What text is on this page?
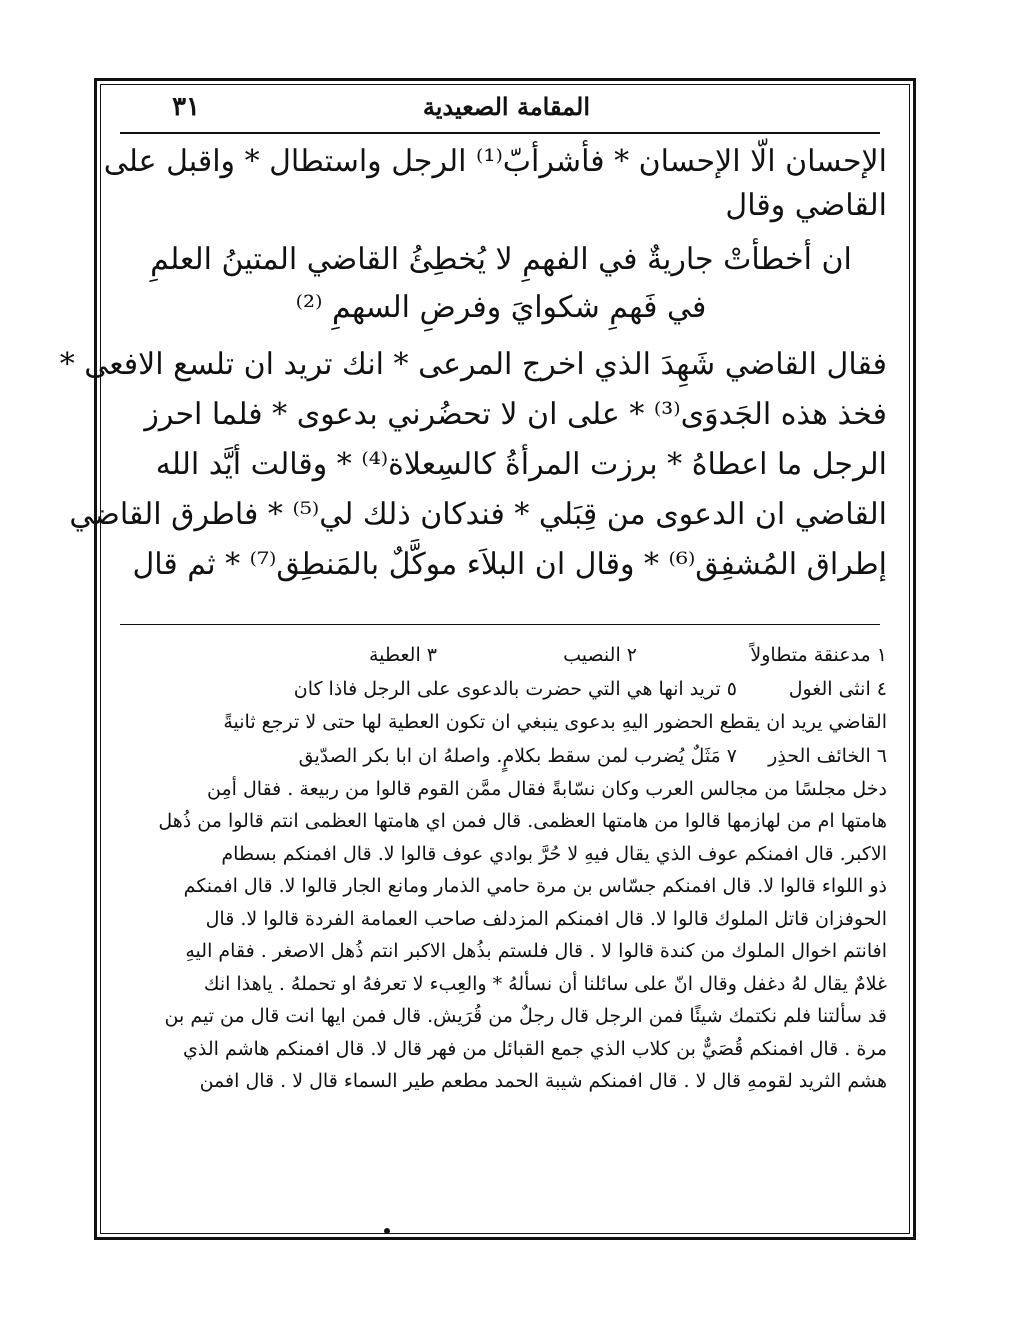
المقامة الصعيدية
٣١
الإحسان الّا الإحسان * فأشرأبّ⁽¹⁾ الرجل واستطال * واقبل على
القاضي وقال
ان أخطأتْ جاريةٌ في الفهمِ لا يُخطِئُ القاضي المتينُ العلمِ
في فَهمِ شكوايَ وفرضِ السهمِ ⁽²⁾
فقال القاضي شَهِدَ الذي اخرج المرعى * انك تريد ان تلسع الافعى *
فخذ هذه الجَدوَى⁽³⁾ * على ان لا تحضُرني بدعوى * فلما احرز
الرجل ما اعطاهُ * برزت المرأةُ كالسِعلاة⁽⁴⁾ * وقالت أيَّد الله
القاضي ان الدعوى من قِبَلي * فندكان ذلك لي⁽⁵⁾ * فاطرق القاضي
إطراق المُشفِق⁽⁶⁾ * وقال ان البلاَء موكَّلٌ بالمَنطِق⁽⁷⁾ * ثم قال
١ مدعنقة متطاولاً
٢ النصيب
٣ العطية
٤ انثى الغول
٥ تريد انها هي التي حضرت بالدعوى على الرجل فاذا كان
القاضي يريد ان يقطع الحضور اليهِ بدعوى ينبغي ان تكون العطية لها حتى لا ترجع ثانيةً
٦ الخائف الحذِر
٧ مَثَلٌ يُضرب لمن سقط بكلامٍ. واصلهُ ان ابا بكر الصدّيق
دخل مجلسًا من مجالس العرب وكان نسّابةً فقال ممَّن القوم قالوا من ربيعة . فقال أمِن
هامتها ام من لهازمها قالوا من هامتها العظمى. قال فمن اي هامتها العظمى انتم قالوا من ذُهل
الاكبر. قال افمنكم عوف الذي يقال فيهِ لا حُرَّ بوادي عوف قالوا لا. قال افمنكم بسطام
ذو اللواء قالوا لا. قال افمنكم جسّاس بن مرة حامي الذمار ومانع الجار قالوا لا. قال افمنكم
الحوفزان قاتل الملوك قالوا لا. قال افمنكم المزدلف صاحب العمامة الفردة قالوا لا. قال
افانتم اخوال الملوك من كندة قالوا لا . قال فلستم بذُهل الاكبر انتم ذُهل الاصغر . فقام اليهِ
غلامٌ يقال لهُ دغفل وقال انّ على سائلنا أن نسألهُ * والعِبء لا تعرفهُ او تحملهُ . ياهذا انك
قد سألتنا فلم نكتمك شيئًا فمن الرجل قال رجلٌ من قُرَيش. قال فمن ايها انت قال من تيم بن
مرة . قال افمنكم قُصَيٌّ بن كلاب الذي جمع القبائل من فهر قال لا. قال افمنكم هاشم الذي
هشم الثريد لقومهِ قال لا . قال افمنكم شيبة الحمد مطعم طير السماء قال لا . قال افمن
